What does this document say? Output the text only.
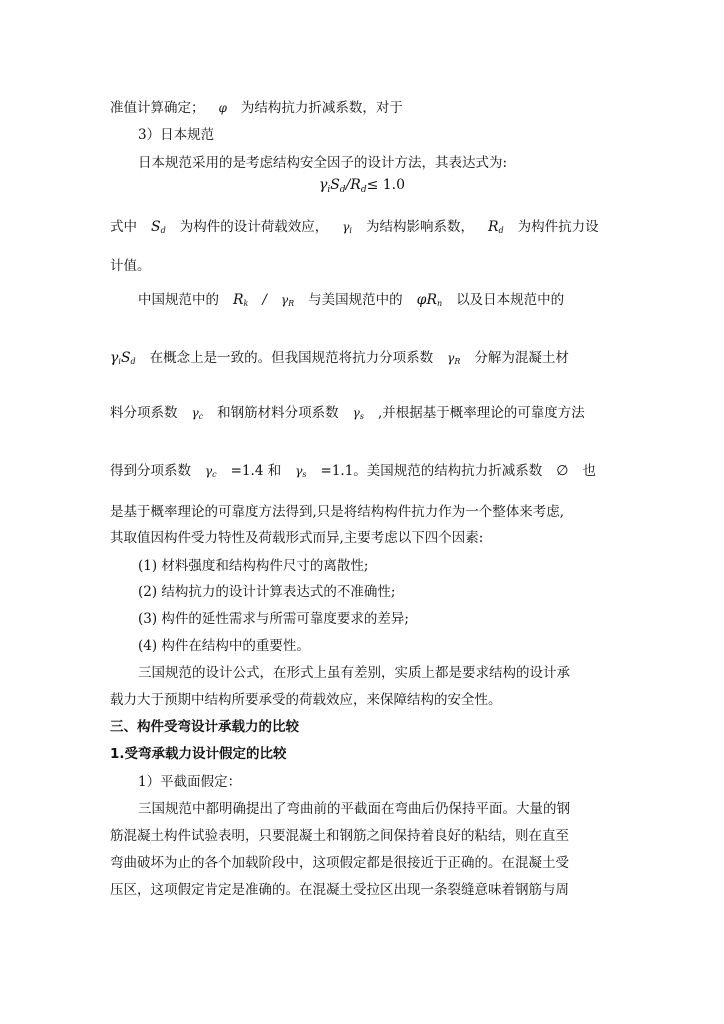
准值计算确定； φ 为结构抗力折减系数，对于
3）日本规范
日本规范采用的是考虑结构安全因子的设计方法，其表达式为:
$\gamma_iS_d/R_d\le 1.0$
式中 $S_d$ 为构件的设计荷载效应， $\gamma_i$ 为结构影响系数， $R_d$ 为构件抗力设
计值。
中国规范中的 $R_k / \gamma_R$ 与美国规范中的 $\varphi R_n$ 以及日本规范中的
$\gamma_iS_d$ 在概念上是一致的。但我国规范将抗力分项系数 $\gamma_R$ 分解为混凝土材
料分项系数 $\gamma_c$ 和钢筋材料分项系数 $\gamma_s$ ,并根据基于概率理论的可靠度方法
得到分项系数 $\gamma_c =1.4$ 和 $\gamma_s =1.1$。美国规范的结构抗力折减系数 ∅ 也
是基于概率理论的可靠度方法得到,只是将结构构件抗力作为一个整体来考虑,
其取值因构件受力特性及荷载形式而异,主要考虑以下四个因素:
(1) 材料强度和结构构件尺寸的离散性;
(2) 结构抗力的设计计算表达式的不准确性;
(3) 构件的延性需求与所需可靠度要求的差异;
(4) 构件在结构中的重要性。
三国规范的设计公式，在形式上虽有差别，实质上都是要求结构的设计承
载力大于预期中结构所要承受的荷载效应，来保障结构的安全性。
三、构件受弯设计承载力的比较
1.受弯承载力设计假定的比较
1）平截面假定：
三国规范中都明确提出了弯曲前的平截面在弯曲后仍保持平面。大量的钢
筋混凝土构件试验表明，只要混凝土和钢筋之间保持着良好的粘结，则在直至
弯曲破坏为止的各个加载阶段中，这项假定都是很接近于正确的。在混凝土受
压区，这项假定肯定是准确的。在混凝土受拉区出现一条裂缝意味着钢筋与周
